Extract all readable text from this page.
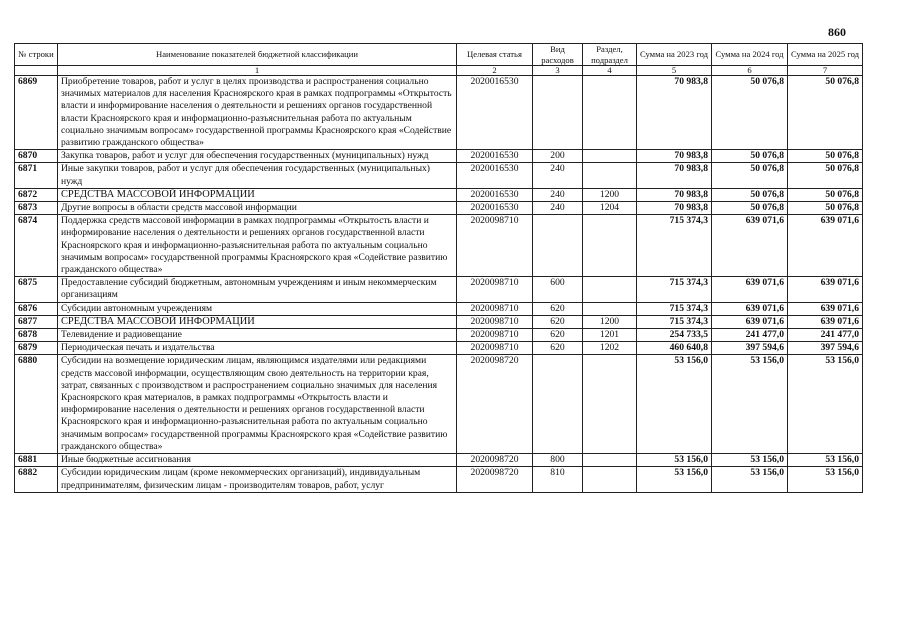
860
№ строки	Наименование показателей бюджетной классификации	Целевая статья	Вид расходов	Раздел, подраздел	Сумма на 2023 год	Сумма на 2024 год	Сумма на 2025 год
	1	2	3	4	5	6	7
6869	Приобретение товаров, работ и услуг в целях производства и распространения социально значимых материалов для населения Красноярского края в рамках подпрограммы «Открытость власти и информирование населения о деятельности и решениях органов государственной власти Красноярского края и информационно-разъяснительная работа по актуальным социально значимым вопросам» государственной программы Красноярского края «Содействие развитию гражданского общества»	2020016530			70 983,8	50 076,8	50 076,8
6870	Закупка товаров, работ и услуг для обеспечения государственных (муниципальных) нужд	2020016530	200		70 983,8	50 076,8	50 076,8
6871	Иные закупки товаров, работ и услуг для обеспечения государственных (муниципальных) нужд	2020016530	240		70 983,8	50 076,8	50 076,8
6872	СРЕДСТВА МАССОВОЙ ИНФОРМАЦИИ	2020016530	240	1200	70 983,8	50 076,8	50 076,8
6873	Другие вопросы в области средств массовой информации	2020016530	240	1204	70 983,8	50 076,8	50 076,8
6874	Поддержка средств массовой информации в рамках подпрограммы «Открытость власти и информирование населения о деятельности и решениях органов государственной власти Красноярского края и информационно-разъяснительная работа по актуальным социально значимым вопросам» государственной программы Красноярского края «Содействие развитию гражданского общества»	2020098710			715 374,3	639 071,6	639 071,6
6875	Предоставление субсидий бюджетным, автономным учреждениям и иным некоммерческим организациям	2020098710	600		715 374,3	639 071,6	639 071,6
6876	Субсидии автономным учреждениям	2020098710	620		715 374,3	639 071,6	639 071,6
6877	СРЕДСТВА МАССОВОЙ ИНФОРМАЦИИ	2020098710	620	1200	715 374,3	639 071,6	639 071,6
6878	Телевидение и радиовещание	2020098710	620	1201	254 733,5	241 477,0	241 477,0
6879	Периодическая печать и издательства	2020098710	620	1202	460 640,8	397 594,6	397 594,6
6880	Субсидии на возмещение юридическим лицам, являющимся издателями или редакциями средств массовой информации, осуществляющим свою деятельность на территории края, затрат, связанных с производством и распространением социально значимых для населения Красноярского края материалов, в рамках подпрограммы «Открытость власти и информирование населения о деятельности и решениях органов государственной власти Красноярского края и информационно-разъяснительная работа по актуальным социально значимым вопросам» государственной программы Красноярского края «Содействие развитию гражданского общества»	2020098720			53 156,0	53 156,0	53 156,0
6881	Иные бюджетные ассигнования	2020098720	800		53 156,0	53 156,0	53 156,0
6882	Субсидии юридическим лицам (кроме некоммерческих организаций), индивидуальным предпринимателям, физическим лицам - производителям товаров, работ, услуг	2020098720	810		53 156,0	53 156,0	53 156,0
